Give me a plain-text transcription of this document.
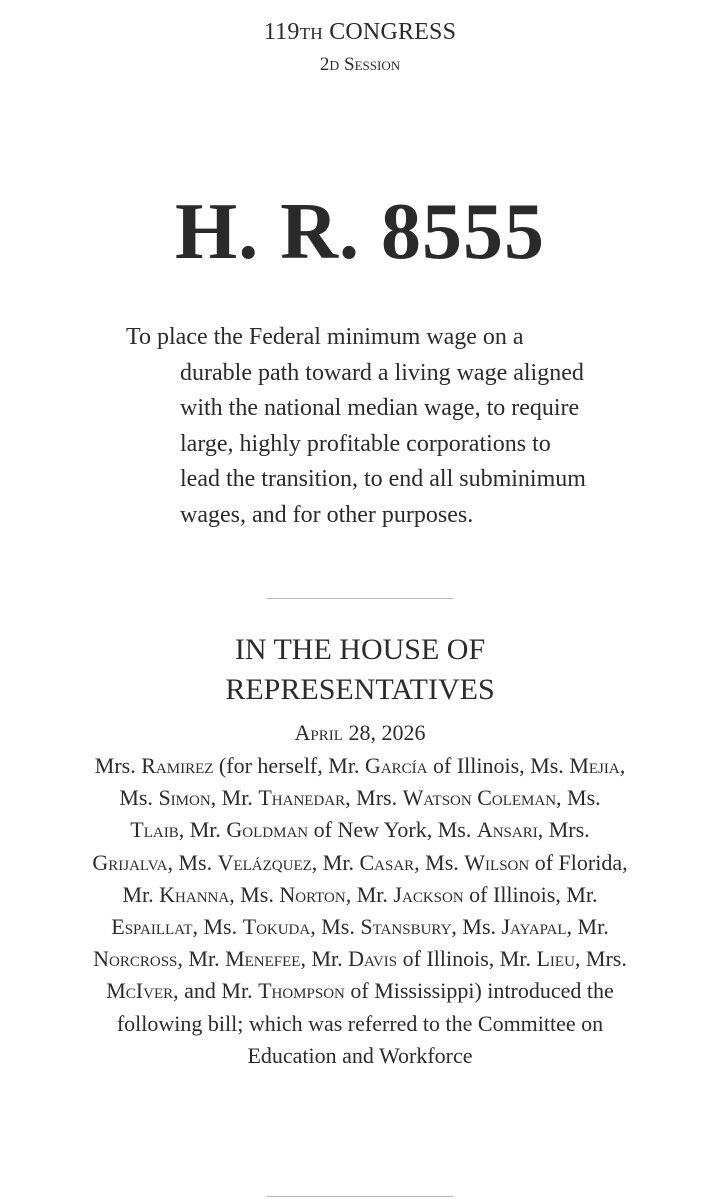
119TH CONGRESS
2D Session
H. R. 8555
To place the Federal minimum wage on a durable path toward a living wage aligned with the national median wage, to require large, highly profitable corporations to lead the transition, to end all subminimum wages, and for other purposes.
IN THE HOUSE OF
REPRESENTATIVES
April 28, 2026
Mrs. Ramirez (for herself, Mr. García of Illinois, Ms. Mejia, Ms. Simon, Mr. Thanedar, Mrs. Watson Coleman, Ms. Tlaib, Mr. Goldman of New York, Ms. Ansari, Mrs. Grijalva, Ms. Velázquez, Mr. Casar, Ms. Wilson of Florida, Mr. Khanna, Ms. Norton, Mr. Jackson of Illinois, Mr. Espaillat, Ms. Tokuda, Ms. Stansbury, Ms. Jayapal, Mr. Norcross, Mr. Menefee, Mr. Davis of Illinois, Mr. Lieu, Mrs. McIver, and Mr. Thompson of Mississippi) introduced the following bill; which was referred to the Committee on Education and Workforce
